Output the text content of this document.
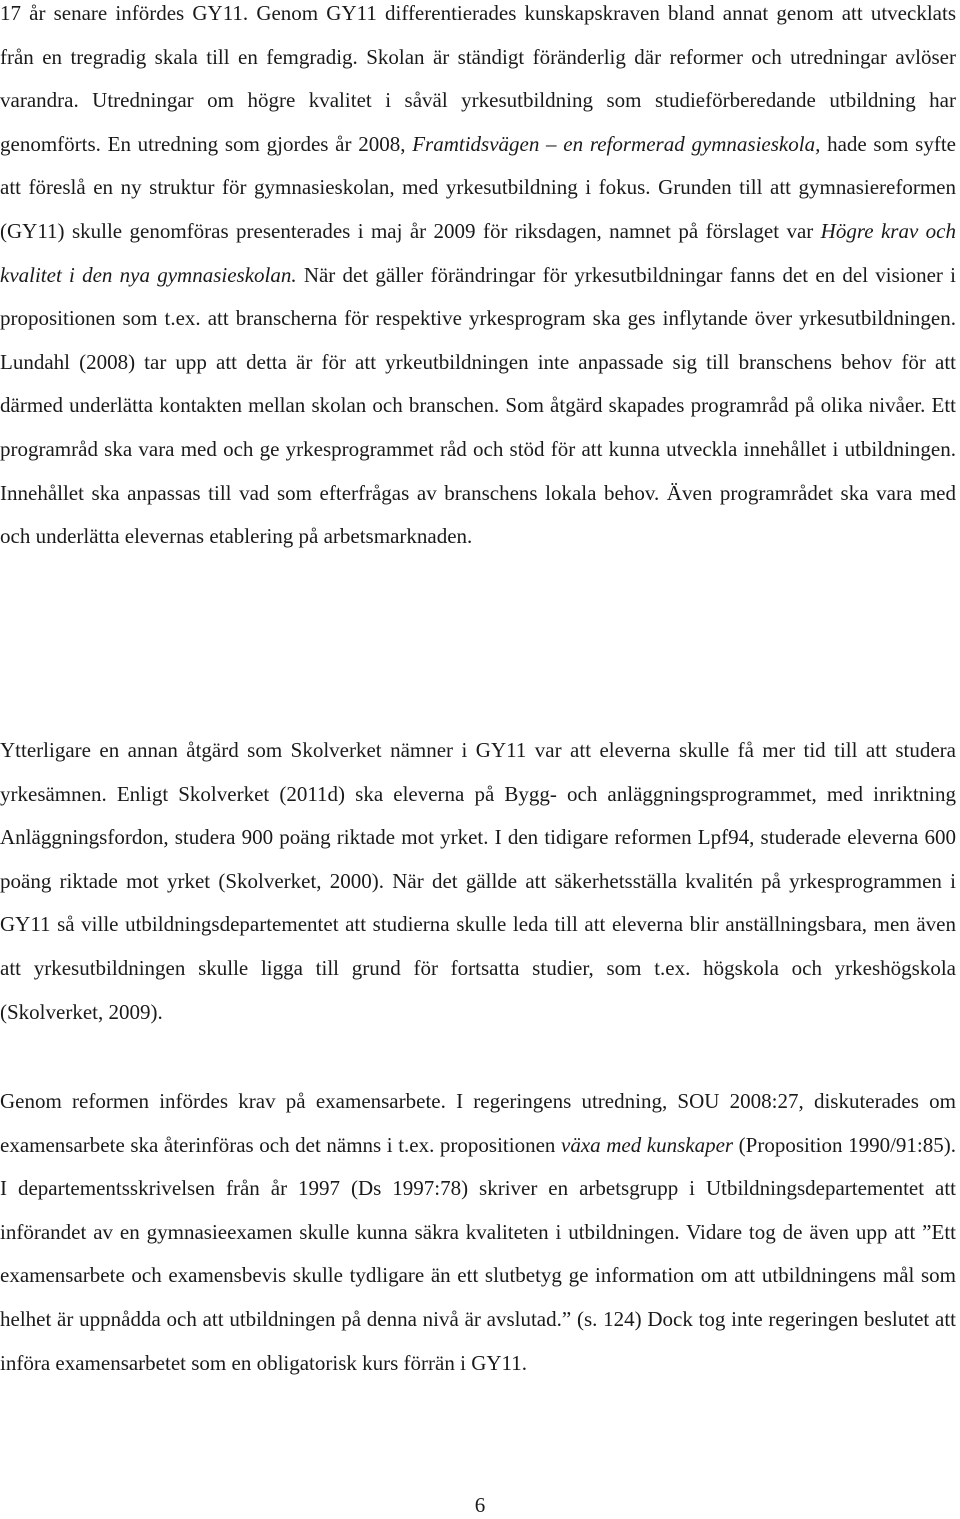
17 år senare infördes GY11. Genom GY11 differentierades kunskapskraven bland annat genom att utvecklats från en tregradig skala till en femgradig. Skolan är ständigt föränderlig där reformer och utredningar avlöser varandra. Utredningar om högre kvalitet i såväl yrkesutbildning som studieförberedande utbildning har genomförts. En utredning som gjordes år 2008, Framtidsvägen – en reformerad gymnasieskola, hade som syfte att föreslå en ny struktur för gymnasieskolan, med yrkesutbildning i fokus. Grunden till att gymnasiereformen (GY11) skulle genomföras presenterades i maj år 2009 för riksdagen, namnet på förslaget var Högre krav och kvalitet i den nya gymnasieskolan. När det gäller förändringar för yrkesutbildningar fanns det en del visioner i propositionen som t.ex. att branscherna för respektive yrkesprogram ska ges inflytande över yrkesutbildningen. Lundahl (2008) tar upp att detta är för att yrkeutbildningen inte anpassade sig till branschens behov för att därmed underlätta kontakten mellan skolan och branschen. Som åtgärd skapades programråd på olika nivåer. Ett programråd ska vara med och ge yrkesprogrammet råd och stöd för att kunna utveckla innehållet i utbildningen. Innehållet ska anpassas till vad som efterfrågas av branschens lokala behov. Även programrådet ska vara med och underlätta elevernas etablering på arbetsmarknaden.

Ytterligare en annan åtgärd som Skolverket nämner i GY11 var att eleverna skulle få mer tid till att studera yrkesämnen. Enligt Skolverket (2011d) ska eleverna på Bygg- och anläggningsprogrammet, med inriktning Anläggningsfordon, studera 900 poäng riktade mot yrket. I den tidigare reformen Lpf94, studerade eleverna 600 poäng riktade mot yrket (Skolverket, 2000). När det gällde att säkerhetsställa kvalitén på yrkesprogrammen i GY11 så ville utbildningsdepartementet att studierna skulle leda till att eleverna blir anställningsbara, men även att yrkesutbildningen skulle ligga till grund för fortsatta studier, som t.ex. högskola och yrkeshögskola (Skolverket, 2009).

Genom reformen infördes krav på examensarbete. I regeringens utredning, SOU 2008:27, diskuterades om examensarbete ska återinföras och det nämns i t.ex. propositionen växa med kunskaper (Proposition 1990/91:85). I departementsskrivelsen från år 1997 (Ds 1997:78) skriver en arbetsgrupp i Utbildningsdepartementet att införandet av en gymnasieexamen skulle kunna säkra kvaliteten i utbildningen. Vidare tog de även upp att ”Ett examensarbete och examensbevis skulle tydligare än ett slutbetyg ge information om att utbildningens mål som helhet är uppnådda och att utbildningen på denna nivå är avslutad.” (s. 124) Dock tog inte regeringen beslutet att införa examensarbetet som en obligatorisk kurs förrän i GY11.

6
